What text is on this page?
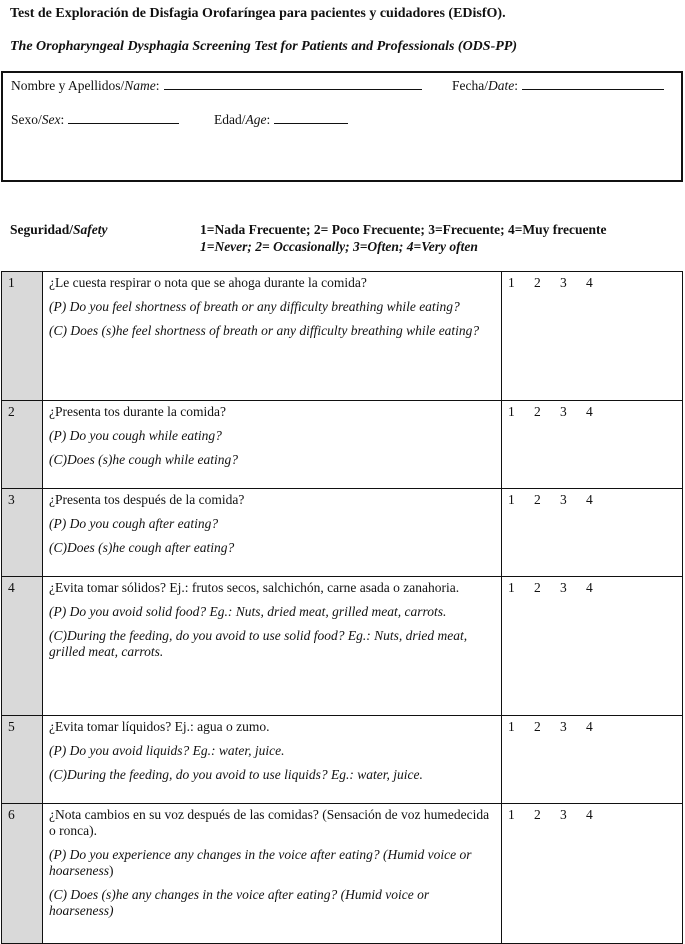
Test de Exploración de Disfagia Orofaríngea para pacientes y cuidadores (EDisfO).
The Oropharyngeal Dysphagia Screening Test for Patients and Professionals (ODS-PP)
Nombre y Apellidos/Name:	Fecha/Date:
Sexo/Sex:	Edad/Age:
Seguridad/Safety	1=Nada Frecuente; 2= Poco Frecuente; 3=Frecuente; 4=Muy frecuente
1=Never; 2= Occasionally; 3=Often; 4=Very often
1	¿Le cuesta respirar o nota que se ahoga durante la comida?

(P) Do you feel shortness of breath or any difficulty breathing while eating?

(C) Does (s)he feel shortness of breath or any difficulty breathing while eating?	1 2 3 4

2	¿Presenta tos durante la comida?

(P) Do you cough while eating?

(C)Does (s)he cough while eating?	1 2 3 4

3	¿Presenta tos después de la comida?

(P) Do you cough after eating?

(C)Does (s)he cough after eating?	1 2 3 4

4	¿Evita tomar sólidos? Ej.: frutos secos, salchichón, carne asada o zanahoria.

(P) Do you avoid solid food? Eg.: Nuts, dried meat, grilled meat, carrots.

(C)During the feeding, do you avoid to use solid food? Eg.: Nuts, dried meat, grilled meat, carrots.	1 2 3 4

5	¿Evita tomar líquidos? Ej.: agua o zumo.

(P) Do you avoid liquids? Eg.: water, juice.

(C)During the feeding, do you avoid to use liquids? Eg.: water, juice.	1 2 3 4

6	¿Nota cambios en su voz después de las comidas? (Sensación de voz humedecida o ronca).

(P) Do you experience any changes in the voice after eating? (Humid voice or hoarseness)

(C) Does (s)he any changes in the voice after eating? (Humid voice or hoarseness)	1 2 3 4
